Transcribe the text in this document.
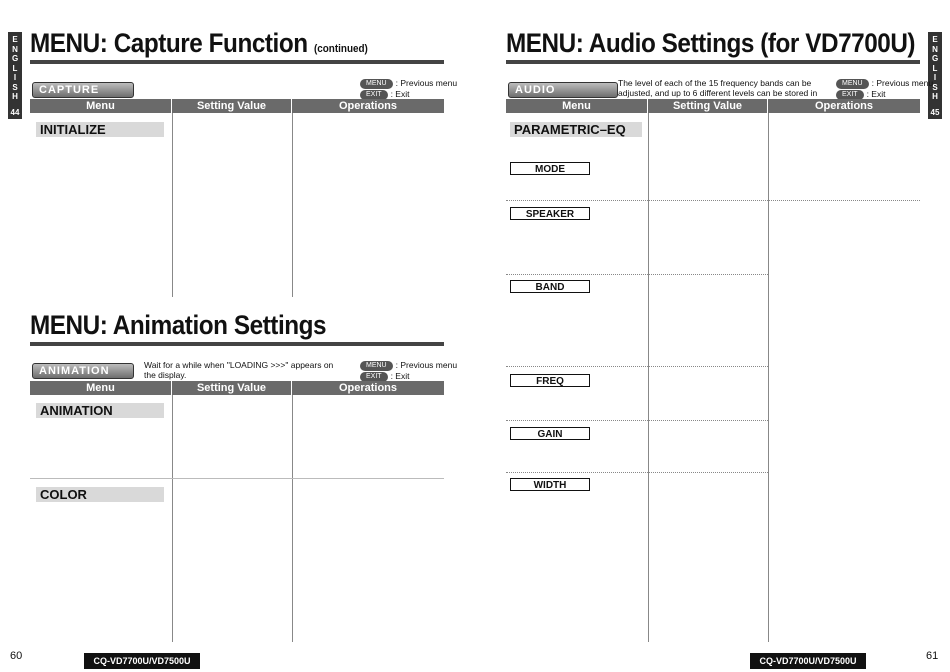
ENGLISH
44
MENU: Capture Function (continued)
CAPTURE
MENU	: Previous menu
EXIT	: Exit
Menu	Setting Value	Operations
INITIALIZE
MENU: Animation Settings
ANIMATION	Wait for a while when "LOADING >>>" appears on the display.
MENU	: Previous menu
EXIT	: Exit
Menu	Setting Value	Operations
ANIMATION
COLOR
60	CQ-VD7700U/VD7500U
MENU: Audio Settings (for VD7700U) ENGLISH
45
AUDIO
The level of each of the 15 frequency bands can be adjusted, and up to 6 different levels can be stored in
MENU	: Previous menu
EXIT	: Exit
Menu	Setting Value	Operations
PARAMETRIC–EQ
MODE
SPEAKER
BAND
FREQ
GAIN
WIDTH
61
CQ-VD7700U/VD7500U
